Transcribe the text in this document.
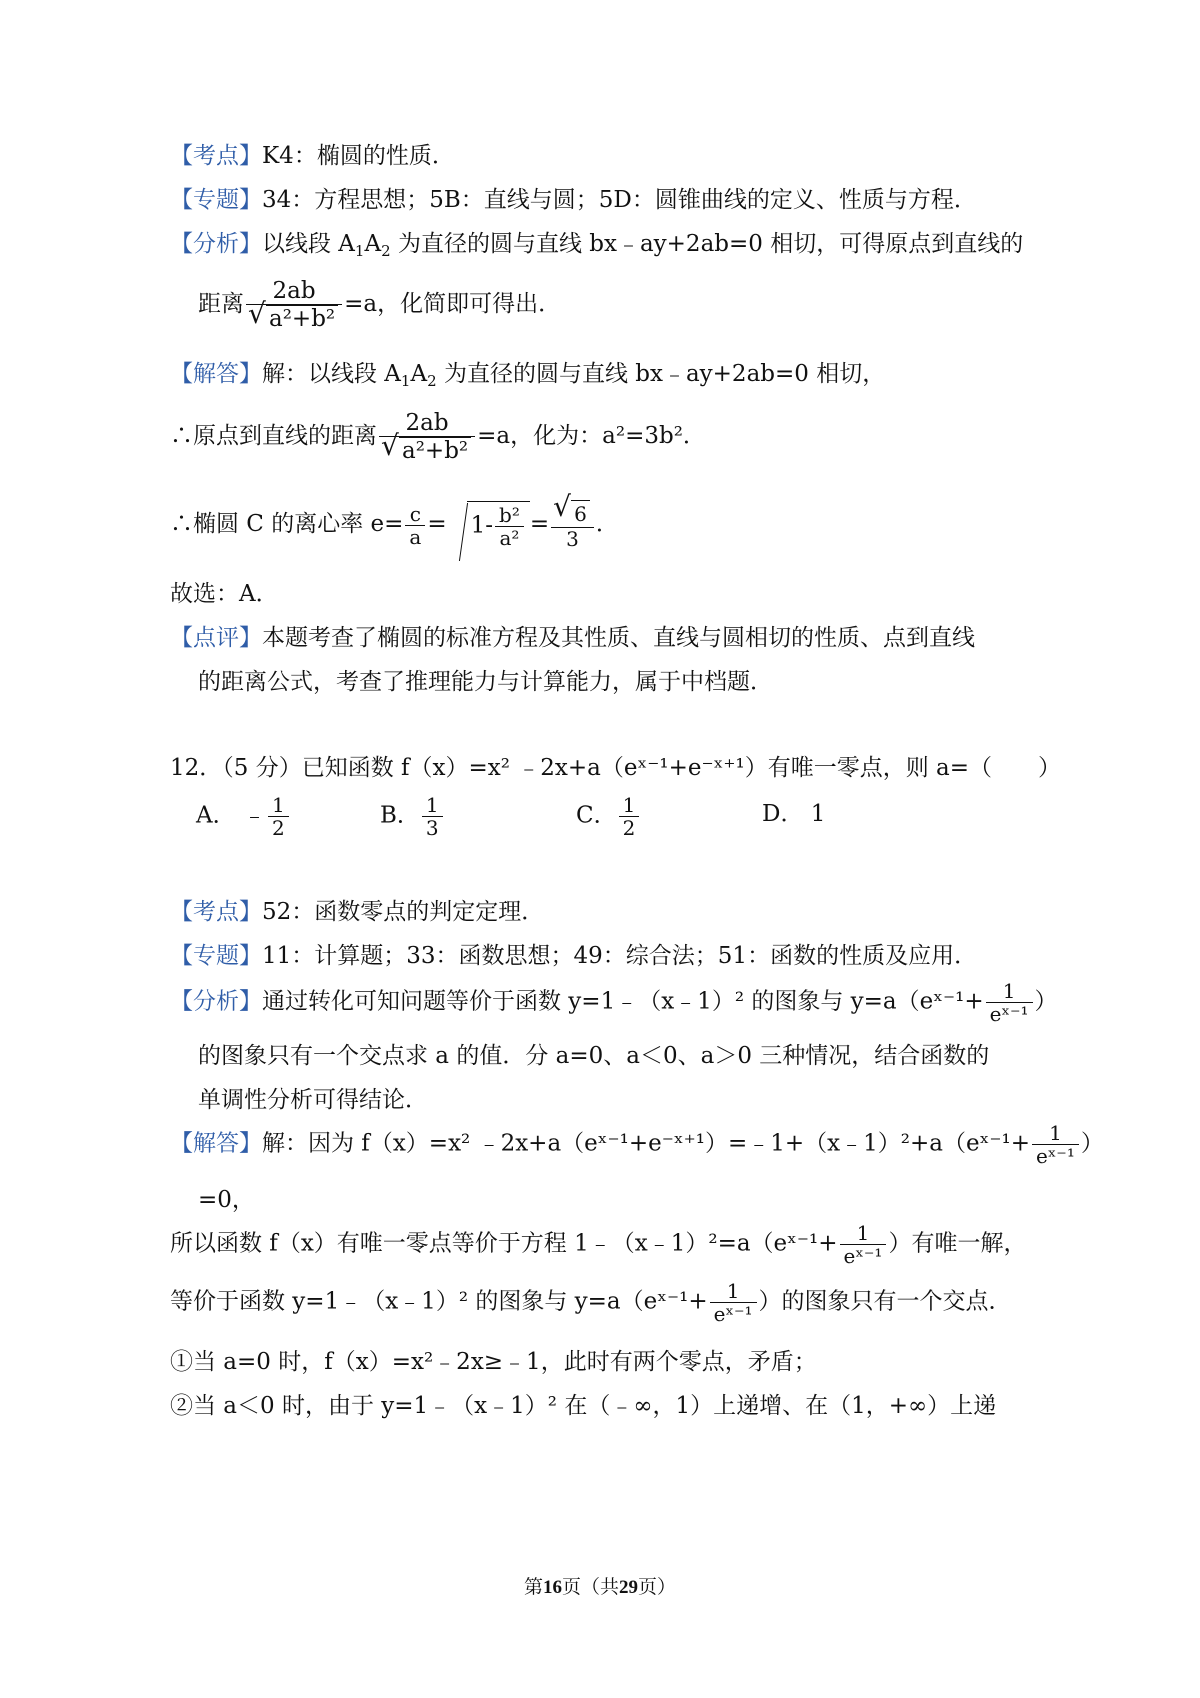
【考点】K4：椭圆的性质．
【专题】34：方程思想；5B：直线与圆；5D：圆锥曲线的定义、性质与方程．
【分析】以线段 $A_1A_2$ 为直径的圆与直线 bx﹣ay+2ab=0 相切，可得原点到直线的
距离 2ab
√ a²+b² =a，化简即可得出．
【解答】解：以线段 $A_1A_2$ 为直径的圆与直线 bx﹣ay+2ab=0 相切，
∴原点到直线的距离 2ab
√ a²+b² =a，化为：a²=3b²．
∴椭圆 C 的离心率 $e= \frac{c}{a} = 1- \frac{\text{b²}}{\text{a²}}$ =
√ $\frac{6}{3}$ ．
故选：A．
【点评】本题考查了椭圆的标准方程及其性质、直线与圆相切的性质、点到直线
的距离公式，考查了推理能力与计算能力，属于中档题．
12．（5 分）已知函数 f（x）=x² ﹣2x+a（eˣ⁻¹+e⁻ˣ⁺¹）有唯一零点，则 a=（　　）
A． ﹣ $\frac{1}{2}$	B． $\frac{1}{3}$	C． $\frac{1}{2}$	D． 1
【考点】52：函数零点的判定定理．
【专题】11：计算题；33：函数思想；49：综合法；51：函数的性质及应用．
【分析】通过转化可知问题等价于函数 y=1﹣（x﹣1）² 的图象与 y=a（eˣ⁻¹+ $\frac{1}{\text{eˣ⁻¹}}$ ）
的图象只有一个交点求 a 的值．分 a=0、a＜0、a＞0 三种情况，结合函数的
单调性分析可得结论．
【解答】解：因为 f（x）=x² ﹣2x+a（eˣ⁻¹+e⁻ˣ⁺¹）=﹣1+（x﹣1）²+a（eˣ⁻¹+ $\frac{1}{\text{eˣ⁻¹}}$ ）
=0，
所以函数 f（x）有唯一零点等价于方程 1﹣（x﹣1）²=a（eˣ⁻¹+ $\frac{1}{\text{eˣ⁻¹}}$ ）有唯一解，
等价于函数 y=1﹣（x﹣1）² 的图象与 y=a（eˣ⁻¹+ $\frac{1}{\text{eˣ⁻¹}}$ ）的图象只有一个交点．
①当 a=0 时，f（x）=x²﹣2x≥﹣1，此时有两个零点，矛盾；
②当 a＜0 时，由于 y=1﹣（x﹣1）² 在（﹣∞，1）上递增、在（1，+∞）上递
第16页（共29页）
